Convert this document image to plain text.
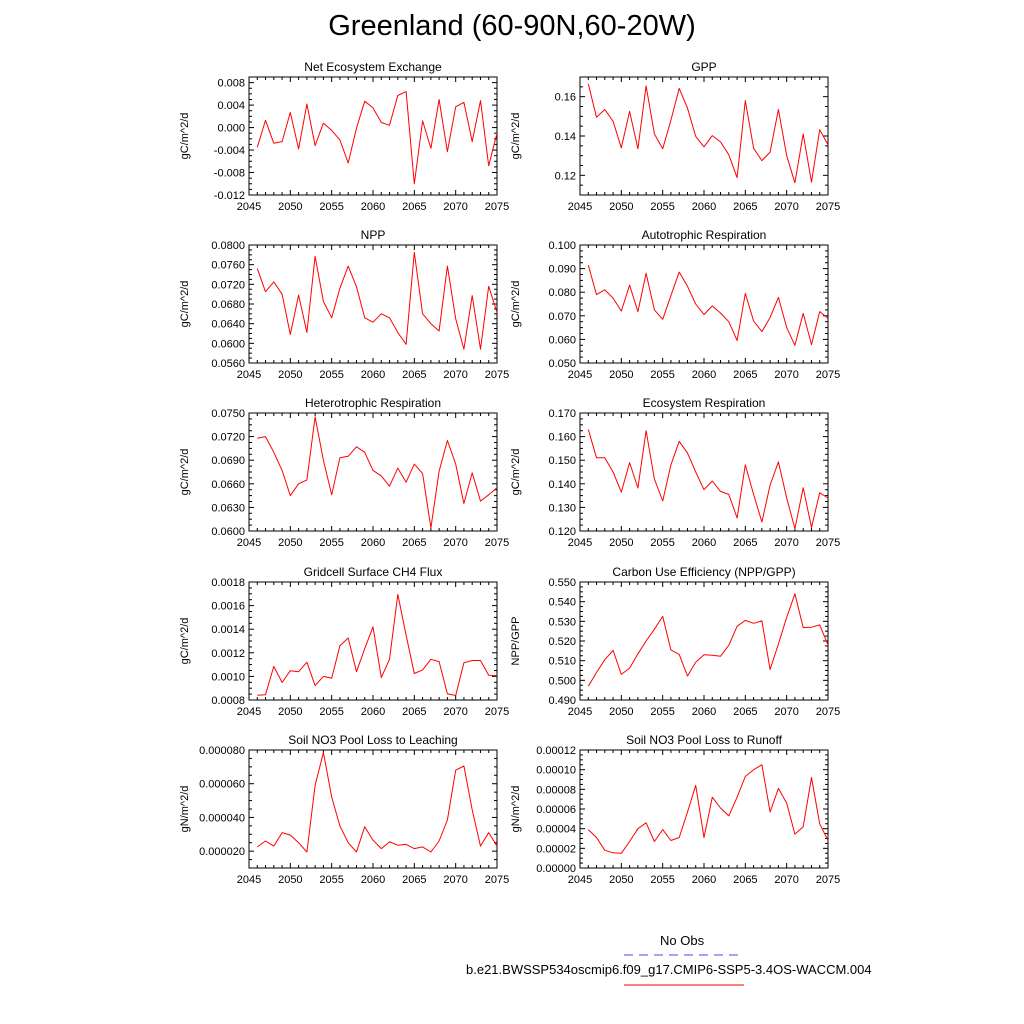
Greenland (60-90N,60-20W)
2045 2050 2055 2060 2065 2070 2075
0.008
0.004
0.000
-0.004
-0.008
-0.012
Net Ecosystem Exchange
gC/m^2/d
2045 2050 2055 2060 2065 2070 2075
0.16
0.14
0.12
GPP
gC/m^2/d
2045 2050 2055 2060 2065 2070 2075
0.0800
0.0760
0.0720
0.0680
0.0640
0.0600
0.0560
NPP
gC/m^2/d
2045 2050 2055 2060 2065 2070 2075
0.100
0.090
0.080
0.070
0.060
0.050
Autotrophic Respiration
gC/m^2/d
2045 2050 2055 2060 2065 2070 2075
0.0750
0.0720
0.0690
0.0660
0.0630
0.0600
Heterotrophic Respiration
gC/m^2/d
2045 2050 2055 2060 2065 2070 2075
0.170
0.160
0.150
0.140
0.130
0.120
Ecosystem Respiration
gC/m^2/d
2045 2050 2055 2060 2065 2070 2075
0.0018
0.0016
0.0014
0.0012
0.0010
0.0008
Gridcell Surface CH4 Flux
gC/m^2/d
2045 2050 2055 2060 2065 2070 2075
0.550
0.540
0.530
0.520
0.510
0.500
0.490
Carbon Use Efficiency (NPP/GPP)
NPP/GPP
2045 2050 2055 2060 2065 2070 2075
0.000080
0.000060
0.000040
0.000020
Soil NO3 Pool Loss to Leaching
gN/m^2/d
2045 2050 2055 2060 2065 2070 2075
0.00012
0.00010
0.00008
0.00006
0.00004
0.00002
0.00000
Soil NO3 Pool Loss to Runoff
gN/m^2/d
No Obs
b.e21.BWSSP534oscmip6.f09_g17.CMIP6-SSP5-3.4OS-WACCM.004
